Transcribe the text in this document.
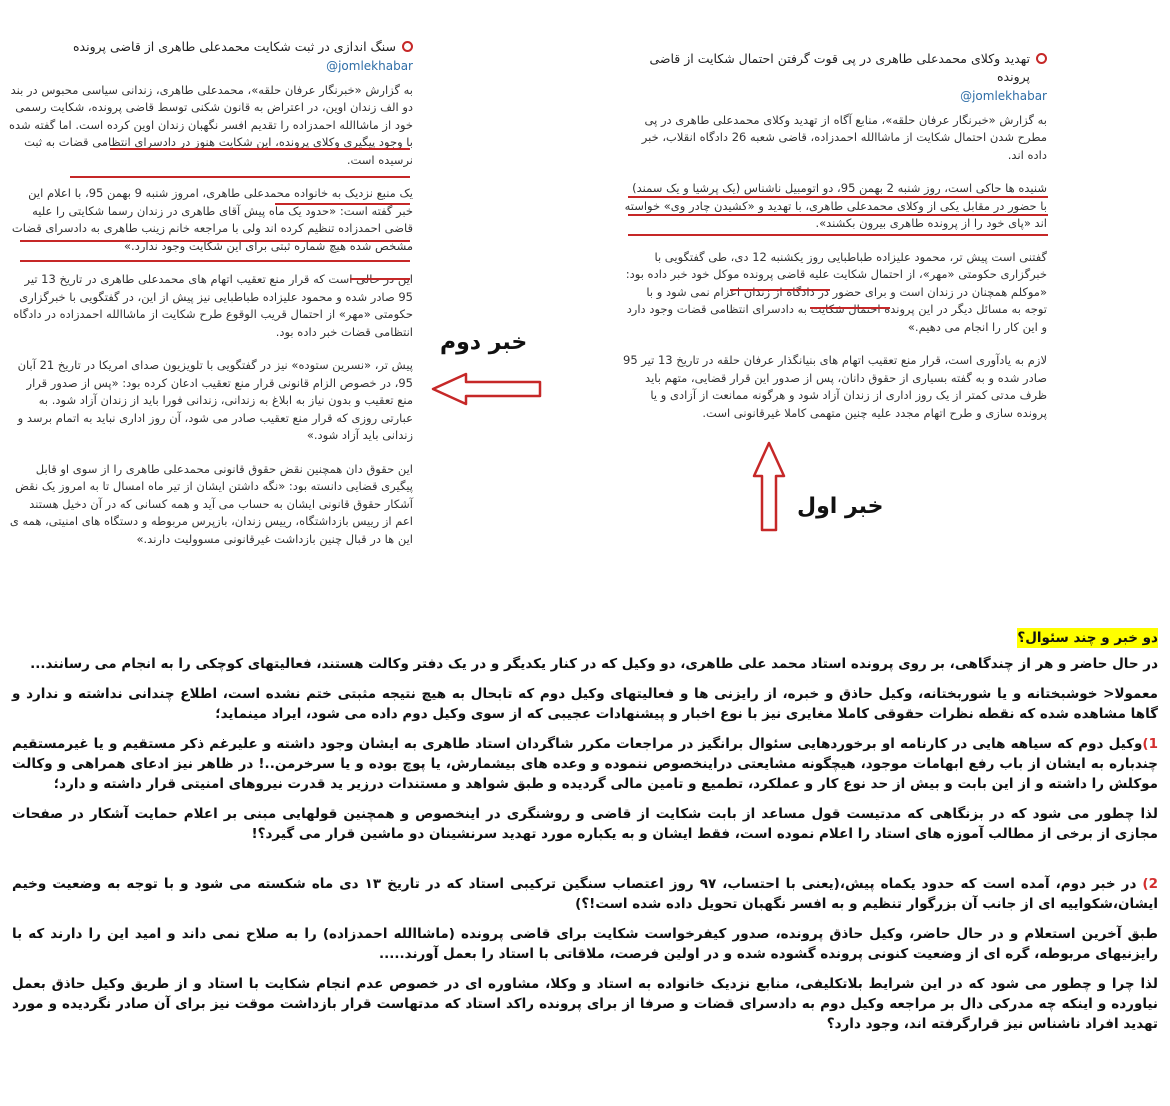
سنگ اندازی در ثبت شکایت محمدعلی طاهری از قاضی پرونده
@jomlekhabar

به گزارش «خبرنگار عرفان حلقه»، محمدعلی طاهری، زندانی سیاسی محبوس در بند دو الف زندان اوین، در اعتراض به قانون شکنی توسط قاضی پرونده، شکایت رسمی خود از ماشاالله احمدزاده را تقدیم افسر نگهبان زندان اوین کرده است. اما گفته شده با وجود پیگیری وکلای پرونده، این شکایت هنوز در دادسرای انتظامی قضات به ثبت نرسیده است.

یک منبع نزدیک به خانواده محمدعلی طاهری، امروز شنبه 9 بهمن 95، با اعلام این خبر گفته است: «حدود یک ماه پیش آقای طاهری در زندان رسما شکایتی را علیه قاضی احمدزاده تنظیم کرده اند ولی با مراجعه خانم زینب طاهری به دادسرای قضات مشخص شده هیچ شماره ثبتی برای این شکایت وجود ندارد.»

این در حالی است که قرار منع تعقیب اتهام های محمدعلی طاهری در تاریخ 13 تیر 95 صادر شده و محمود علیزاده طباطبایی نیز پیش از این، در گفتگویی با خبرگزاری حکومتی «مهر» از احتمال قریب الوقوع طرح شکایت از ماشاالله احمدزاده در دادگاه انتظامی قضات خبر داده بود.

پیش تر، «نسرین ستوده» نیز در گفتگویی با تلویزیون صدای امریکا در تاریخ 21 آبان 95، در خصوص الزام قانونی قرار منع تعقیب ادعان کرده بود: «پس از صدور قرار منع تعقیب و بدون نیاز به ابلاغ به زندانی، زندانی فورا باید از زندان آزاد شود. به عبارتی روزی که قرار منع تعقیب صادر می شود، آن روز اداری نباید به اتمام برسد و زندانی باید آزاد شود.»

این حقوق دان همچنین نقض حقوق قانونی محمدعلی طاهری را از سوی او قابل پیگیری قضایی دانسته بود: «نگه داشتن ایشان از تیر ماه امسال تا به امروز یک نقض آشکار حقوق قانونی ایشان به حساب می آید و همه کسانی که در آن دخیل هستند اعم از رییس بازداشتگاه، رییس زندان، بازپرس مربوطه و دستگاه های امنیتی، همه ی این ها در قبال چنین بازداشت غیرقانونی مسوولیت دارند.»

تهدید وکلای محمدعلی طاهری در پی قوت گرفتن احتمال شکایت از قاضی پرونده
@jomlekhabar

به گزارش «خبرنگار عرفان حلقه»، منابع آگاه از تهدید وکلای محمدعلی طاهری در پی مطرح شدن احتمال شکایت از ماشاالله احمدزاده، قاضی شعبه 26 دادگاه انقلاب، خبر داده اند.

شنیده ها حاکی است، روز شنبه 2 بهمن 95، دو اتومبیل ناشناس (یک پرشیا و یک سمند) با حضور در مقابل یکی از وکلای محمدعلی طاهری، با تهدید و «کشیدن چادر وی» خواسته اند «پای خود را از پرونده طاهری بیرون بکشند».

گفتنی است پیش تر، محمود علیزاده طباطبایی روز یکشنبه 12 دی، طی گفتگویی با خبرگزاری حکومتی «مهر»، از احتمال شکایت علیه قاضی پرونده موکل خود خبر داده بود: «موکلم همچنان در زندان است و برای حضور در دادگاه از زندان اعزام نمی شود و با توجه به مسائل دیگر در این پرونده احتمال شکایت به دادسرای انتظامی قضات وجود دارد و این کار را انجام می دهیم.»

لازم به یادآوری است، قرار منع تعقیب اتهام های بنیانگذار عرفان حلقه در تاریخ 13 تیر 95 صادر شده و به گفته بسیاری از حقوق دانان، پس از صدور این قرار قضایی، متهم باید ظرف مدتی کمتر از یک روز اداری از زندان آزاد شود و هرگونه ممانعت از آزادی و یا پرونده سازی و طرح اتهام مجدد علیه چنین متهمی کاملا غیرقانونی است.

خبر دوم
خبر اول

دو خبر و چند سئوال؟

در حال حاضر و هر از چندگاهی، بر روی پرونده استاد محمد علی طاهری، دو وکیل که در کنار یکدیگر و در یک دفتر وکالت هستند، فعالیتهای کوچکی را به انجام می رسانند...

معمولا< خوشبختانه و یا شوربختانه، وکیل حاذق و خبره، از رایزنی ها و فعالیتهای وکیل دوم که تابحال به هیچ نتیجه مثبتی ختم نشده است، اطلاع چندانی نداشته و ندارد و گاها مشاهده شده که نقطه نظرات حقوقی کاملا مغایری نیز با نوع اخبار و پیشنهادات عجیبی که از سوی وکیل دوم داده می شود، ایراد مینماید؛

1)وکیل دوم که سیاهه هایی در کارنامه او برخوردهایی سئوال برانگیز در مراجعات مکرر شاگردان استاد طاهری به ایشان وجود داشته و علیرغم ذکر مستقیم و یا غیرمستقیم چندباره به ایشان از باب رفع ابهامات موجود، هیچگونه مشایعتی دراینخصوص ننموده و وعده های بیشمارش، یا پوچ بوده و یا سرخرمن..! در ظاهر نیز ادعای همراهی و وکالت موکلش را داشته و از این بابت و بیش از حد نوع کار و عملکرد، تطمیع و تامین مالی گردیده و طبق شواهد و مستندات درزیر ید قدرت نیروهای امنیتی قرار داشته و دارد؛

لذا چطور می شود که در بزنگاهی که مدتیست قول مساعد از بابت شکایت از قاضی و روشنگری در اینخصوص و همچنین قولهایی مبنی بر اعلام حمایت آشکار در صفحات مجازی از برخی از مطالب آموزه های استاد را اعلام نموده است، فقط ایشان و به یکباره مورد تهدید سرنشینان دو ماشین قرار می گیرد؟!

2) در خبر دوم، آمده است که حدود یکماه پیش،(یعنی با احتساب، ۹۷ روز اعتصاب سنگین ترکیبی استاد که در تاریخ ۱۳ دی ماه شکسته می شود و با توجه به وضعیت وخیم ایشان،شکواییه ای از جانب آن بزرگوار تنظیم و به افسر نگهبان تحویل داده شده است!؟)

طبق آخرین استعلام و در حال حاضر، وکیل حاذق پرونده، صدور کیفرخواست شکایت برای قاضی پرونده (ماشاالله احمدزاده) را به صلاح نمی داند و امید این را دارند که با رایزنیهای مربوطه، گره ای از وضعیت کنونی پرونده گشوده شده و در اولین فرصت، ملاقاتی با استاد را بعمل آورند.....

لذا چرا و چطور می شود که در این شرایط بلاتکلیفی، منابع نزدیک خانواده به استاد و وکلا، مشاوره ای در خصوص عدم انجام شکایت با استاد و از طریق وکیل حاذق بعمل نیاورده و اینکه چه مدرکی دال بر مراجعه وکیل دوم به دادسرای قضات و صرفا از برای پرونده راکد استاد که مدتهاست قرار بازداشت موقت نیز برای آن صادر نگردیده و مورد تهدید افراد ناشناس نیز قرارگرفته اند، وجود دارد؟
